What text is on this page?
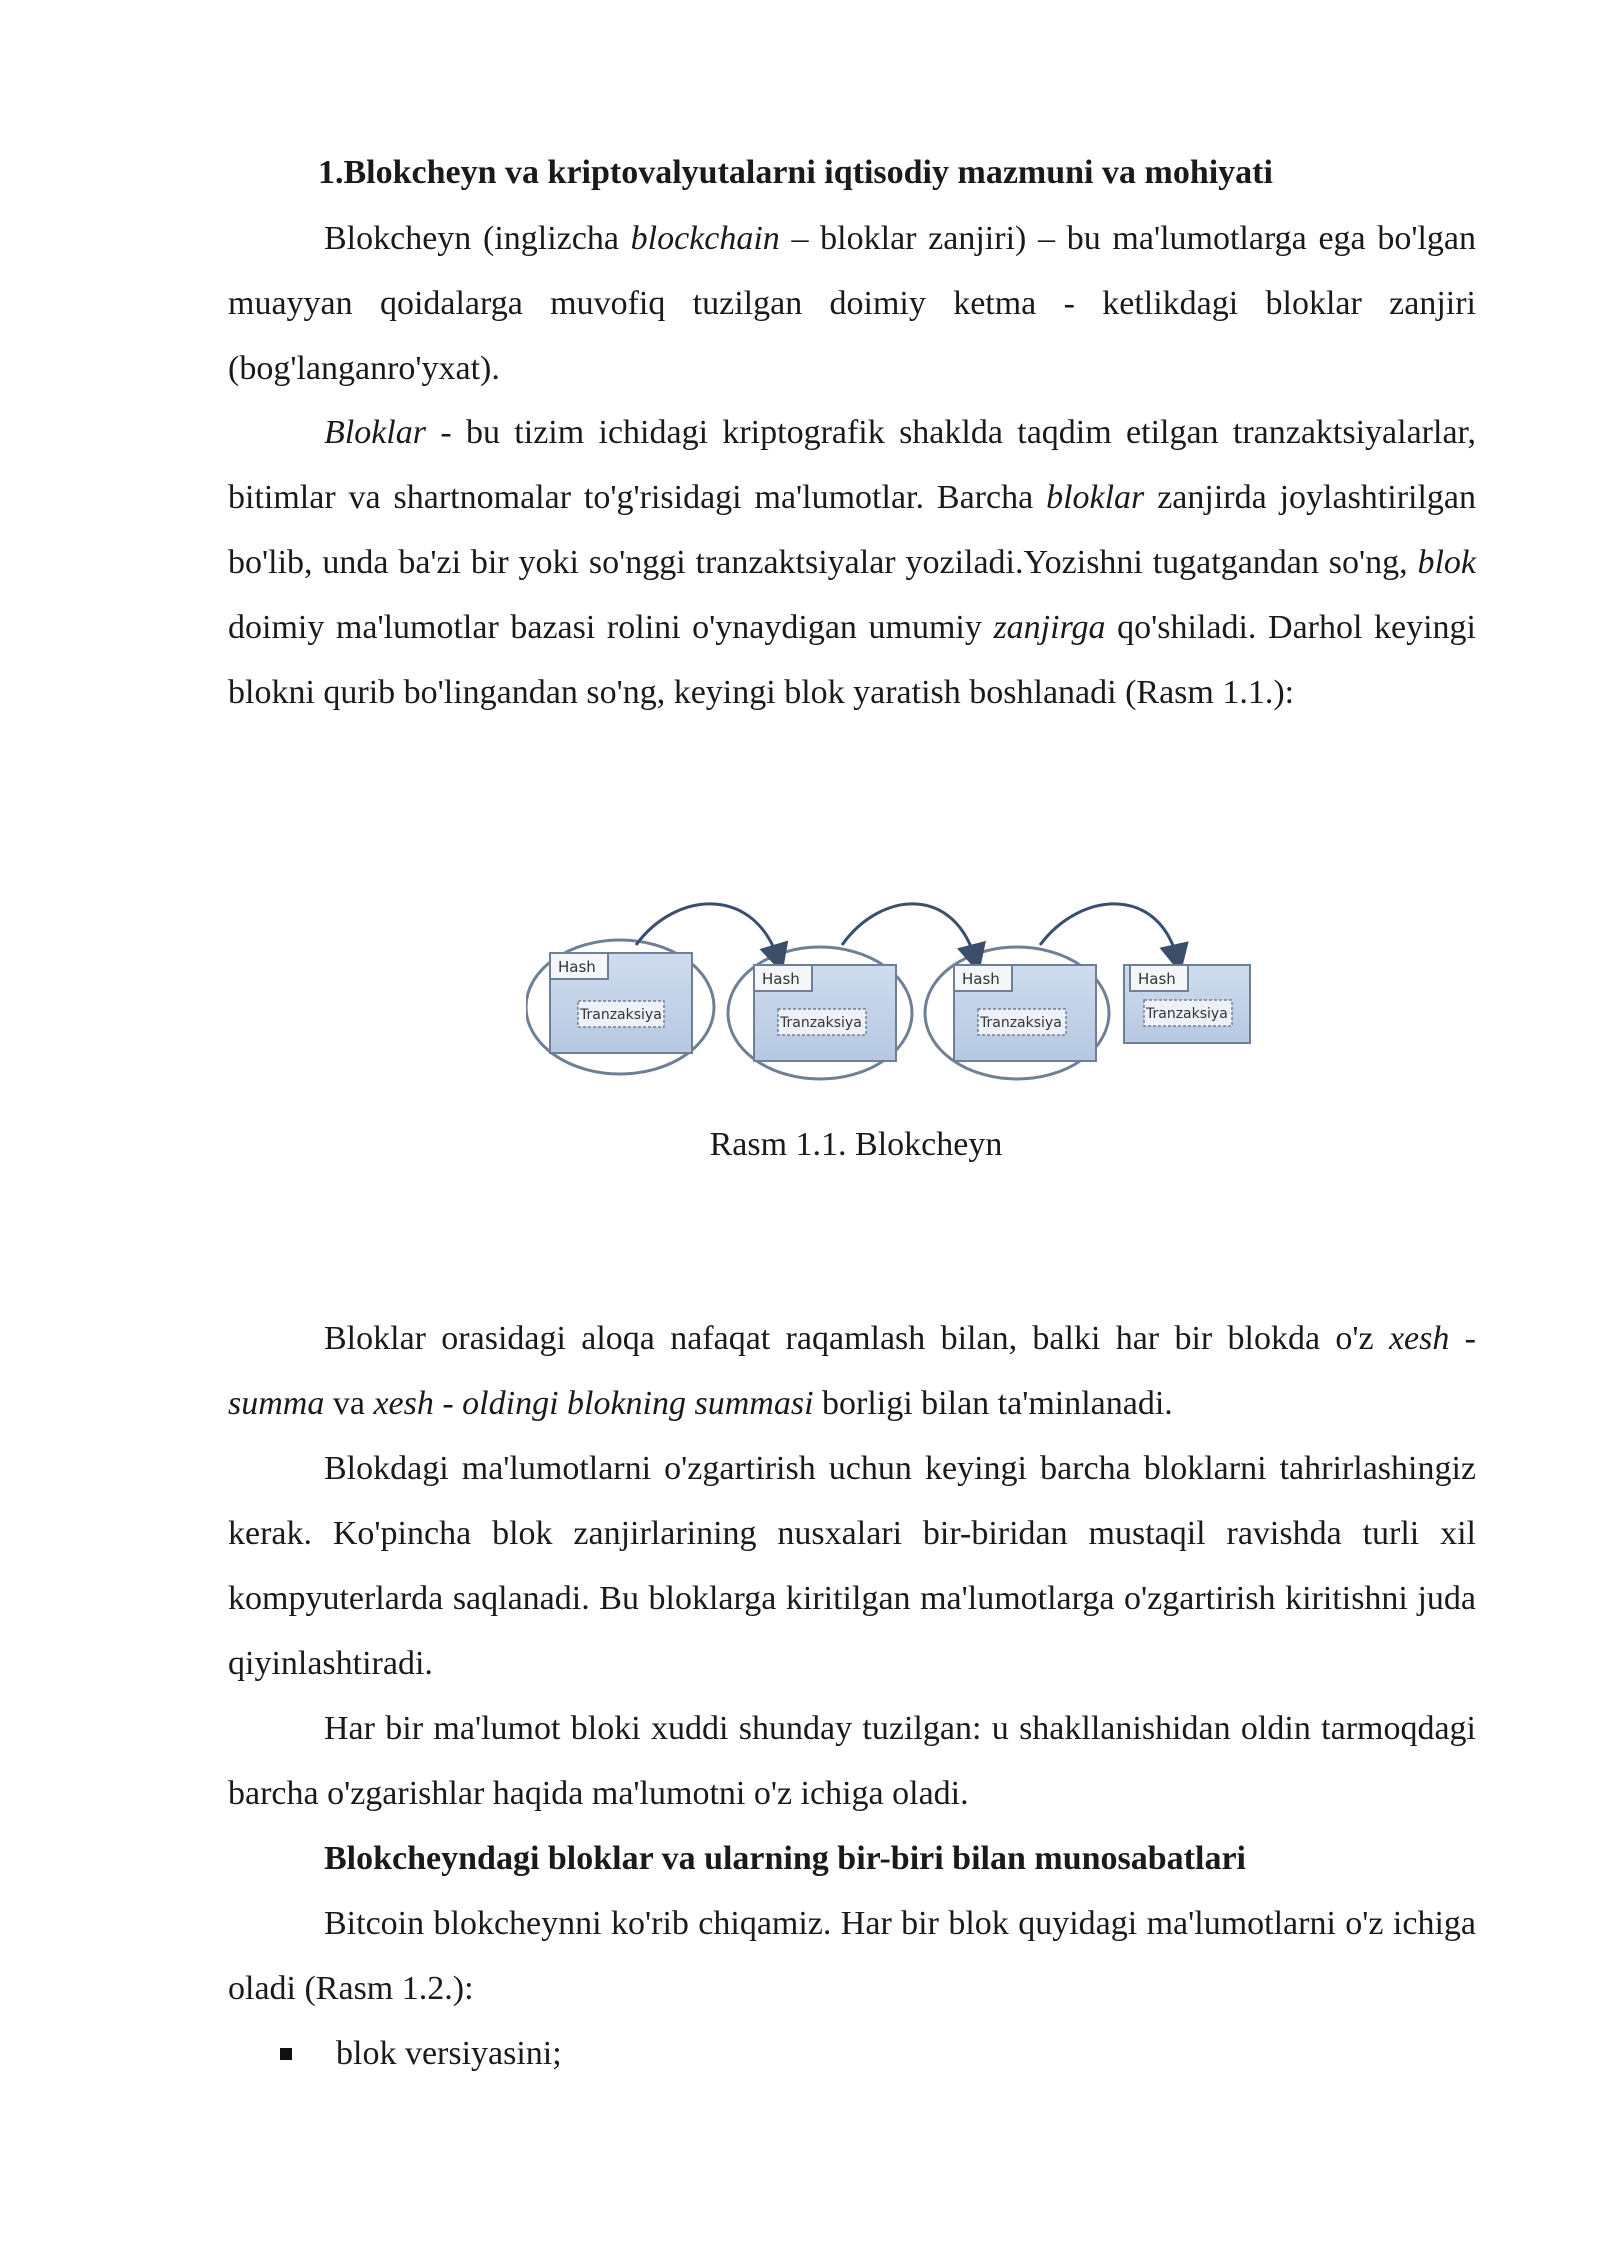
1.Blokcheyn va kriptovalyutalarni iqtisodiy mazmuni va mohiyati

Blokcheyn (inglizcha blockchain – bloklar zanjiri) – bu ma'lumotlarga ega bo'lgan muayyan qoidalarga muvofiq tuzilgan doimiy ketma - ketlikdagi bloklar zanjiri (bog'langanro'yxat).

Bloklar - bu tizim ichidagi kriptografik shaklda taqdim etilgan tranzaktsiyalarlar, bitimlar va shartnomalar to'g'risidagi ma'lumotlar. Barcha bloklar zanjirda joylashtirilgan bo'lib, unda ba'zi bir yoki so'nggi tranzaktsiyalar yoziladi.Yozishni tugatgandan so'ng, blok doimiy ma'lumotlar bazasi rolini o'ynaydigan umumiy zanjirga qo'shiladi. Darhol keyingi blokni qurib bo'lingandan so'ng, keyingi blok yaratish boshlanadi (Rasm 1.1.):

Hash
Tranzaksiya
Hash
Tranzaksiya
Hash
Tranzaksiya
Hash
Tranzaksiya
Rasm 1.1. Blokcheyn

Bloklar orasidagi aloqa nafaqat raqamlash bilan, balki har bir blokda o'z xesh - summa va xesh - oldingi blokning summasi borligi bilan ta'minlanadi.

Blokdagi ma'lumotlarni o'zgartirish uchun keyingi barcha bloklarni tahrirlashingiz kerak. Ko'pincha blok zanjirlarining nusxalari bir-biridan mustaqil ravishda turli xil kompyuterlarda saqlanadi. Bu bloklarga kiritilgan ma'lumotlarga o'zgartirish kiritishni juda qiyinlashtiradi.

Har bir ma'lumot bloki xuddi shunday tuzilgan: u shakllanishidan oldin tarmoqdagi barcha o'zgarishlar haqida ma'lumotni o'z ichiga oladi.

Blokcheyndagi bloklar va ularning bir-biri bilan munosabatlari

Bitcoin blokcheynni ko'rib chiqamiz. Har bir blok quyidagi ma'lumotlarni o'z ichiga oladi (Rasm 1.2.):

blok versiyasini;
